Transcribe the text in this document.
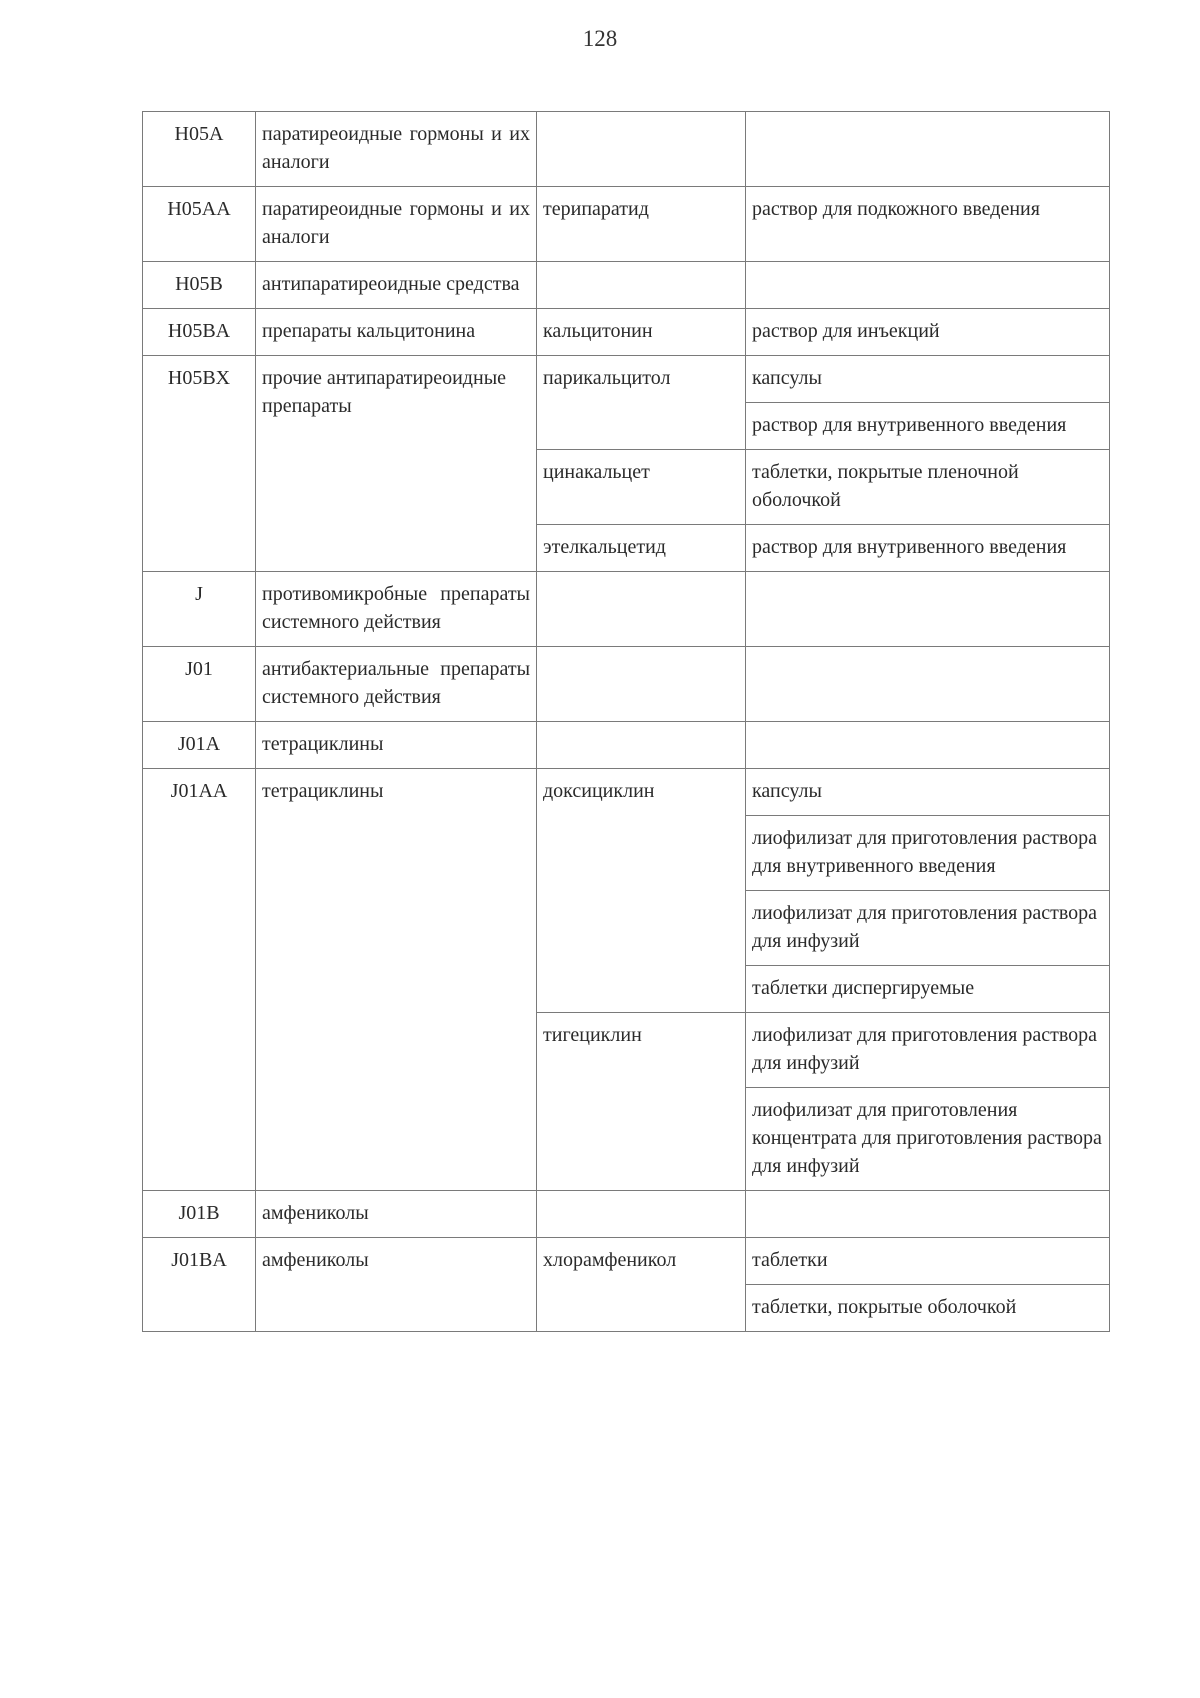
128
H05A	паратиреоидные гормоны и их аналоги		
H05AA	паратиреоидные гормоны и их аналоги	терипаратид	раствор для подкожного введения
H05B	антипаратиреоидные средства		
H05BA	препараты кальцитонина	кальцитонин	раствор для инъекций
H05BX	прочие антипаратиреоидные препараты	парикальцитол	капсулы
			раствор для внутривенного введения
		цинакальцет	таблетки, покрытые пленочной оболочкой
		этелкальцетид	раствор для внутривенного введения
J	противомикробные препараты системного действия		
J01	антибактериальные препараты системного действия		
J01A	тетрациклины		
J01AA	тетрациклины	доксициклин	капсулы
			лиофилизат для приготовления раствора для внутривенного введения
			лиофилизат для приготовления раствора для инфузий
			таблетки диспергируемые
		тигециклин	лиофилизат для приготовления раствора для инфузий
			лиофилизат для приготовления концентрата для приготовления раствора для инфузий
J01B	амфениколы		
J01BA	амфениколы	хлорамфеникол	таблетки
			таблетки, покрытые оболочкой
